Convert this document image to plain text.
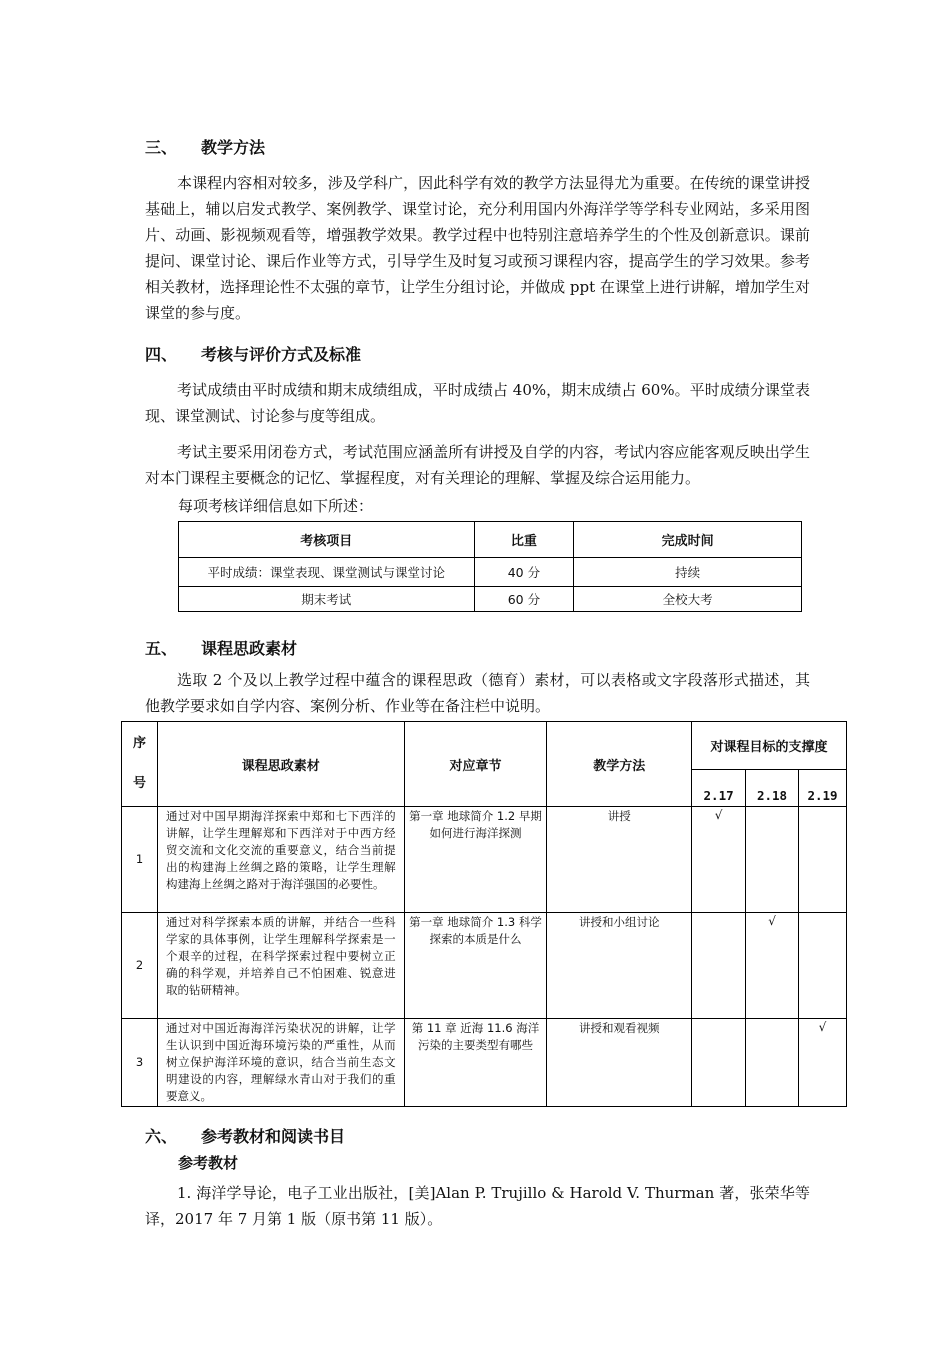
三、 教学方法

本课程内容相对较多，涉及学科广，因此科学有效的教学方法显得尤为重要。在传统的课堂讲授基础上，辅以启发式教学、案例教学、课堂讨论，充分利用国内外海洋学等学科专业网站，多采用图片、动画、影视频观看等，增强教学效果。教学过程中也特别注意培养学生的个性及创新意识。课前提问、课堂讨论、课后作业等方式，引导学生及时复习或预习课程内容，提高学生的学习效果。参考相关教材，选择理论性不太强的章节，让学生分组讨论，并做成 ppt 在课堂上进行讲解，增加学生对课堂的参与度。

四、 考核与评价方式及标准

考试成绩由平时成绩和期末成绩组成，平时成绩占 40%，期末成绩占 60%。平时成绩分课堂表现、课堂测试、讨论参与度等组成。

考试主要采用闭卷方式，考试范围应涵盖所有讲授及自学的内容，考试内容应能客观反映出学生对本门课程主要概念的记忆、掌握程度，对有关理论的理解、掌握及综合运用能力。

每项考核详细信息如下所述：
考核项目	比重	完成时间
平时成绩：课堂表现、课堂测试与课堂讨论	40 分	持续
期末考试	60 分	全校大考
五、 课程思政素材

选取 2 个及以上教学过程中蕴含的课程思政（德育）素材，可以表格或文字段落形式描述，其他教学要求如自学内容、案例分析、作业等在备注栏中说明。

序号	课程思政素材	对应章节	教学方法	对课程目标的支撑度		
				2.17	2.18	2.19
1	通过对中国早期海洋探索中郑和七下西洋的讲解，让学生理解郑和下西洋对于中西方经贸交流和文化交流的重要意义，结合当前提出的构建海上丝绸之路的策略，让学生理解构建海上丝绸之路对于海洋强国的必要性。	第一章 地球简介 1.2 早期如何进行海洋探测	讲授	√		
2	通过对科学探索本质的讲解，并结合一些科学家的具体事例，让学生理解科学探索是一个艰辛的过程，在科学探索过程中要树立正确的科学观，并培养自己不怕困难、锐意进取的钻研精神。	第一章 地球简介 1.3 科学探索的本质是什么	讲授和小组讨论		√	
3	通过对中国近海海洋污染状况的讲解，让学生认识到中国近海环境污染的严重性，从而树立保护海洋环境的意识，结合当前生态文明建设的内容，理解绿水青山对于我们的重要意义。	第 11 章 近海 11.6 海洋污染的主要类型有哪些	讲授和观看视频			√
六、 参考教材和阅读书目
参考教材

1. 海洋学导论，电子工业出版社，[美]Alan P. Trujillo & Harold V. Thurman 著，张荣华等译，2017 年 7 月第 1 版（原书第 11 版）。
